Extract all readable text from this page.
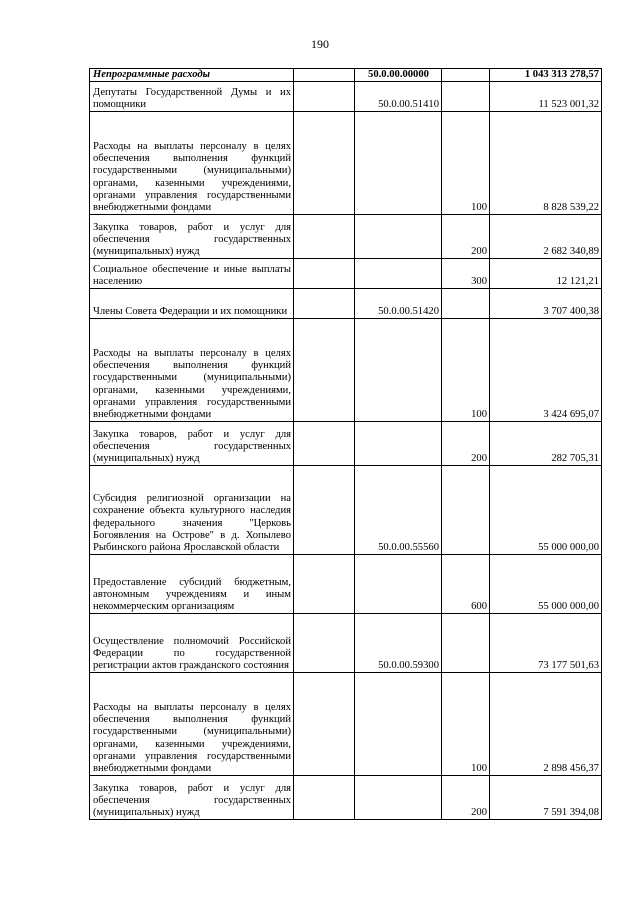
190
Непрограммные расходы		50.0.00.00000		1 043 313 278,57
Депутаты Государственной Думы и их помощники		50.0.00.51410		11 523 001,32
Расходы на выплаты персоналу в целях обеспечения выполнения функций государственными (муниципальными) органами, казенными учреждениями, органами управления государственными внебюджетными фондами			100	8 828 539,22
Закупка товаров, работ и услуг для обеспечения государственных (муниципальных) нужд			200	2 682 340,89
Социальное обеспечение и иные выплаты населению			300	12 121,21
Члены Совета Федерации и их помощники		50.0.00.51420		3 707 400,38
Расходы на выплаты персоналу в целях обеспечения выполнения функций государственными (муниципальными) органами, казенными учреждениями, органами управления государственными внебюджетными фондами			100	3 424 695,07
Закупка товаров, работ и услуг для обеспечения государственных (муниципальных) нужд			200	282 705,31
Субсидия религиозной организации на сохранение объекта культурного наследия федерального значения "Церковь Богоявления на Острове" в д. Хопылево Рыбинского района Ярославской области		50.0.00.55560		55 000 000,00
Предоставление субсидий бюджетным, автономным учреждениям и иным некоммерческим организациям			600	55 000 000,00
Осуществление полномочий Российской Федерации по государственной регистрации актов гражданского состояния		50.0.00.59300		73 177 501,63
Расходы на выплаты персоналу в целях обеспечения выполнения функций государственными (муниципальными) органами, казенными учреждениями, органами управления государственными внебюджетными фондами			100	2 898 456,37
Закупка товаров, работ и услуг для обеспечения государственных (муниципальных) нужд			200	7 591 394,08
